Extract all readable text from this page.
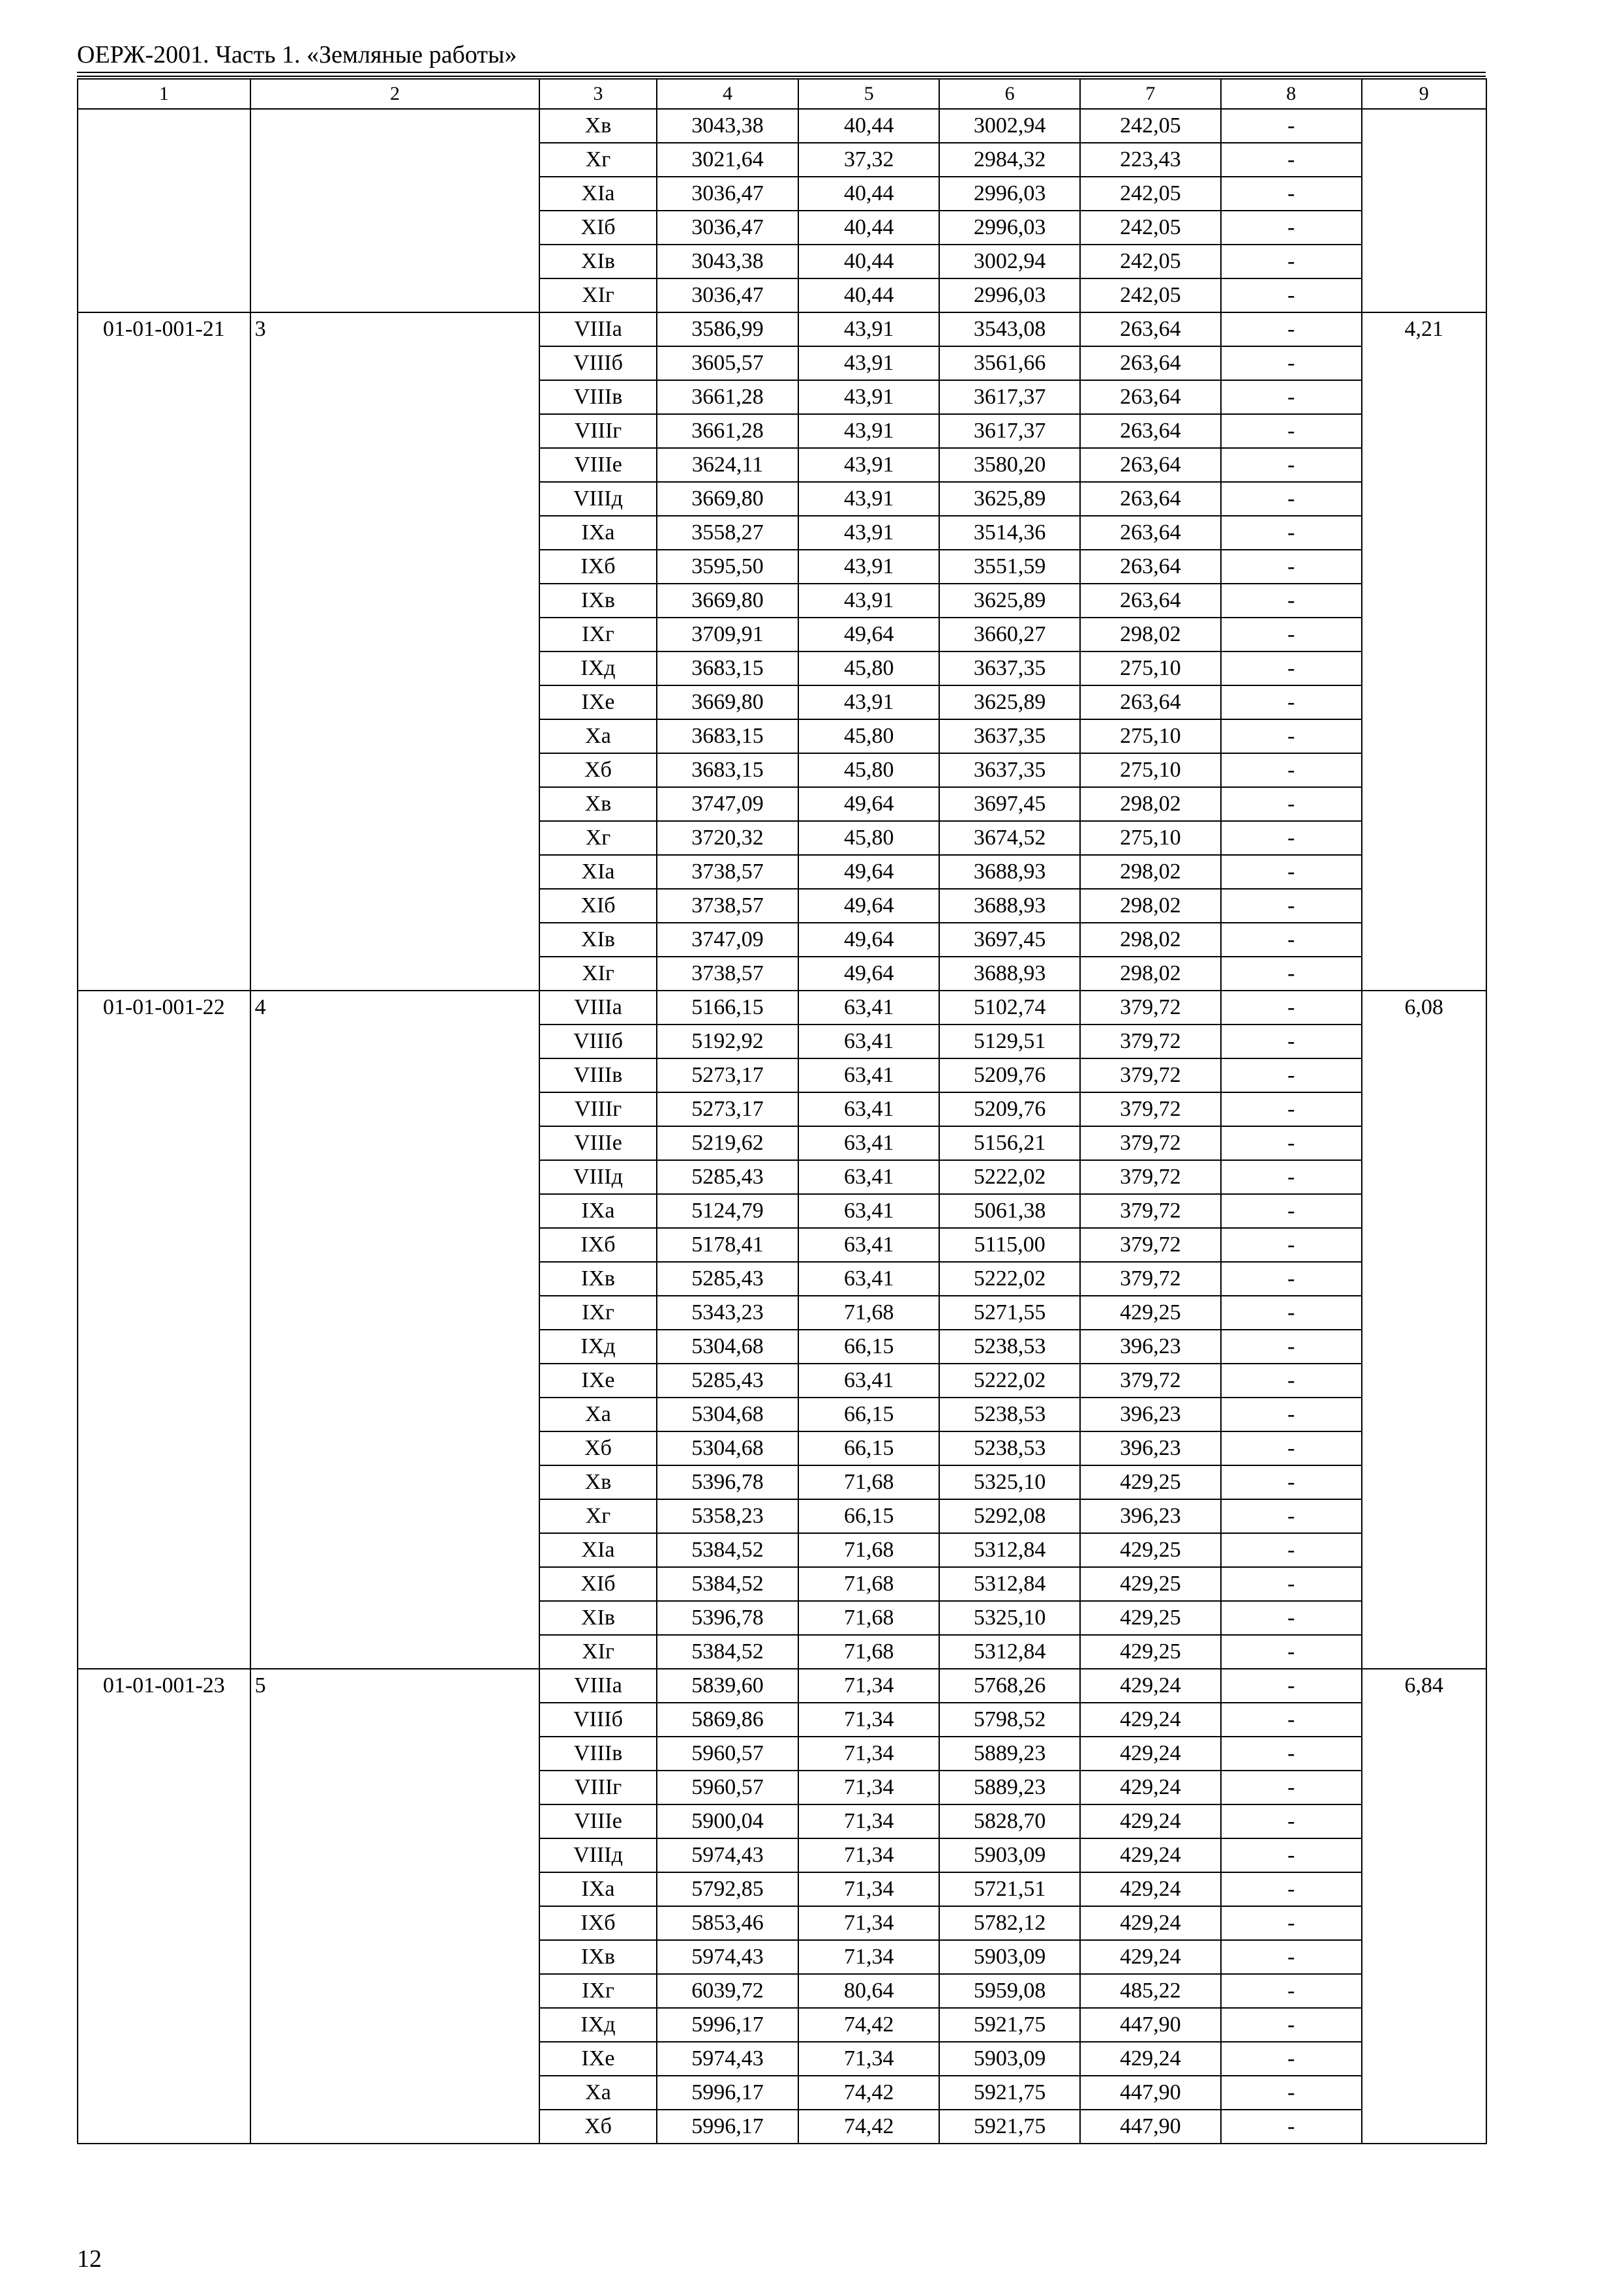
ОЕРЖ-2001. Часть 1. «Земляные работы»
1	2	3	4	5	6	7	8	9
		Xв	3043,38	40,44	3002,94	242,05	-	
		Xг	3021,64	37,32	2984,32	223,43	-	
		XIа	3036,47	40,44	2996,03	242,05	-	
		XIб	3036,47	40,44	2996,03	242,05	-	
		XIв	3043,38	40,44	3002,94	242,05	-	
		XIг	3036,47	40,44	2996,03	242,05	-	
01-01-001-21	3	VIIIа	3586,99	43,91	3543,08	263,64	-	4,21
		VIIIб	3605,57	43,91	3561,66	263,64	-	
		VIIIв	3661,28	43,91	3617,37	263,64	-	
		VIIIг	3661,28	43,91	3617,37	263,64	-	
		VIIIе	3624,11	43,91	3580,20	263,64	-	
		VIIIд	3669,80	43,91	3625,89	263,64	-	
		IXа	3558,27	43,91	3514,36	263,64	-	
		IXб	3595,50	43,91	3551,59	263,64	-	
		IXв	3669,80	43,91	3625,89	263,64	-	
		IXг	3709,91	49,64	3660,27	298,02	-	
		IXд	3683,15	45,80	3637,35	275,10	-	
		IXе	3669,80	43,91	3625,89	263,64	-	
		Xа	3683,15	45,80	3637,35	275,10	-	
		Xб	3683,15	45,80	3637,35	275,10	-	
		Xв	3747,09	49,64	3697,45	298,02	-	
		Xг	3720,32	45,80	3674,52	275,10	-	
		XIа	3738,57	49,64	3688,93	298,02	-	
		XIб	3738,57	49,64	3688,93	298,02	-	
		XIв	3747,09	49,64	3697,45	298,02	-	
		XIг	3738,57	49,64	3688,93	298,02	-	
01-01-001-22	4	VIIIа	5166,15	63,41	5102,74	379,72	-	6,08
		VIIIб	5192,92	63,41	5129,51	379,72	-	
		VIIIв	5273,17	63,41	5209,76	379,72	-	
		VIIIг	5273,17	63,41	5209,76	379,72	-	
		VIIIе	5219,62	63,41	5156,21	379,72	-	
		VIIIд	5285,43	63,41	5222,02	379,72	-	
		IXа	5124,79	63,41	5061,38	379,72	-	
		IXб	5178,41	63,41	5115,00	379,72	-	
		IXв	5285,43	63,41	5222,02	379,72	-	
		IXг	5343,23	71,68	5271,55	429,25	-	
		IXд	5304,68	66,15	5238,53	396,23	-	
		IXе	5285,43	63,41	5222,02	379,72	-	
		Xа	5304,68	66,15	5238,53	396,23	-	
		Xб	5304,68	66,15	5238,53	396,23	-	
		Xв	5396,78	71,68	5325,10	429,25	-	
		Xг	5358,23	66,15	5292,08	396,23	-	
		XIа	5384,52	71,68	5312,84	429,25	-	
		XIб	5384,52	71,68	5312,84	429,25	-	
		XIв	5396,78	71,68	5325,10	429,25	-	
		XIг	5384,52	71,68	5312,84	429,25	-	
01-01-001-23	5	VIIIа	5839,60	71,34	5768,26	429,24	-	6,84
		VIIIб	5869,86	71,34	5798,52	429,24	-	
		VIIIв	5960,57	71,34	5889,23	429,24	-	
		VIIIг	5960,57	71,34	5889,23	429,24	-	
		VIIIе	5900,04	71,34	5828,70	429,24	-	
		VIIIд	5974,43	71,34	5903,09	429,24	-	
		IXа	5792,85	71,34	5721,51	429,24	-	
		IXб	5853,46	71,34	5782,12	429,24	-	
		IXв	5974,43	71,34	5903,09	429,24	-	
		IXг	6039,72	80,64	5959,08	485,22	-	
		IXд	5996,17	74,42	5921,75	447,90	-	
		IXе	5974,43	71,34	5903,09	429,24	-	
		Xа	5996,17	74,42	5921,75	447,90	-	
		Xб	5996,17	74,42	5921,75	447,90	-	
12
